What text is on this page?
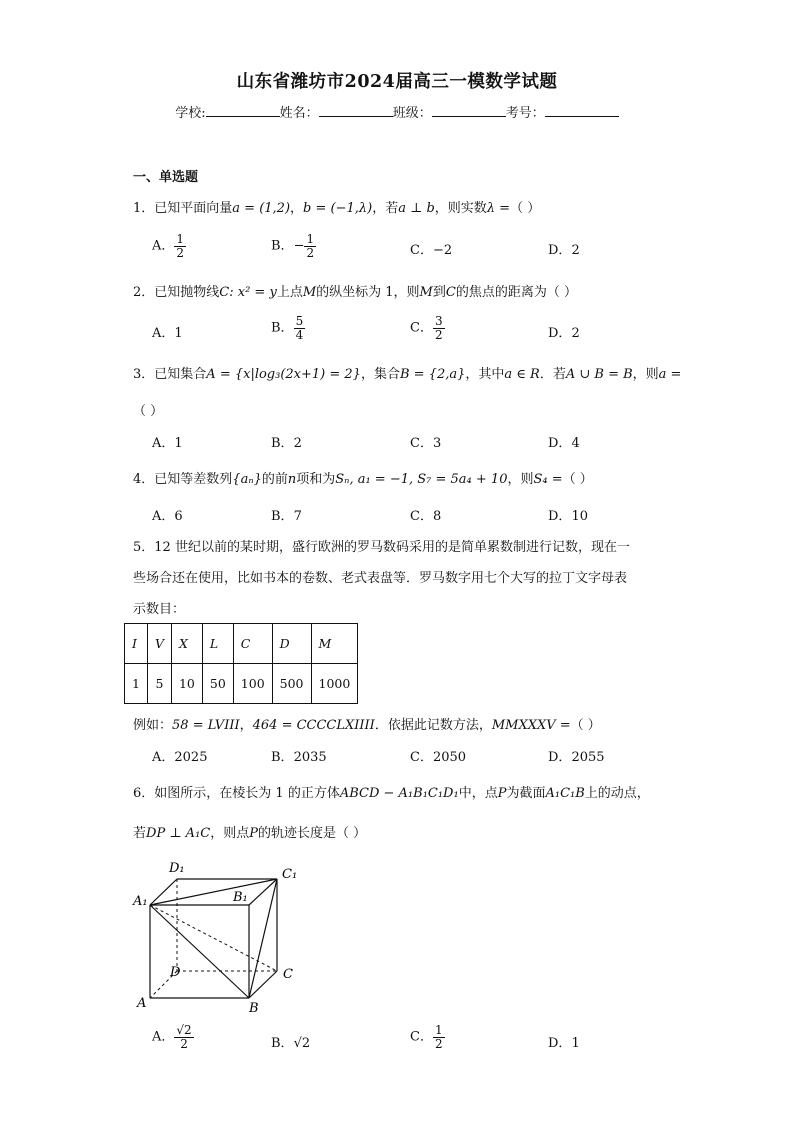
山东省潍坊市2024届高三一模数学试题
学校:	姓名：	班级：	考号：
一、单选题
1．已知平面向量a = (1,2)，b = (−1,λ)，若a ⊥ b，则实数λ =（ ）
A． $\frac{1}{2}$	B．− $\frac{1}{2}$	C．−2	D．2
2．已知抛物线C: x² = y上点M的纵坐标为 1，则M到C的焦点的距离为（ ）
A．1	B． $\frac{5}{4}$	C． $\frac{3}{2}$	D．2
3．已知集合A = {x|log₃(2x+1) = 2}，集合B = {2,a}，其中a ∈ R．若A ∪ B = B，则a =
（ ）
A．1	B．2	C．3	D．4
4．已知等差数列{aₙ}的前n项和为Sₙ, a₁ = −1, S₇ = 5a₄ + 10，则S₄ =（ ）
A．6	B．7	C．8	D．10
5．12 世纪以前的某时期，盛行欧洲的罗马数码采用的是简单累数制进行记数，现在一
些场合还在使用，比如书本的卷数、老式表盘等．罗马数字用七个大写的拉丁文字母表
示数目：
I	V	X	L	C	D	M
1	5	10	50	100	500	1000
例如：58 = LVIII，464 = CCCCLXIIII．依据此记数方法，MMXXXV =（ ）
A．2025	B．2035	C．2050	D．2055
6．如图所示，在棱长为 1 的正方体ABCD − A₁B₁C₁D₁中，点P为截面A₁C₁B上的动点，
若DP ⊥ A₁C，则点P的轨迹长度是（ ）
D₁	C₁
A₁	B₁
D	C
A	B
A． $\frac{√2}{2}$	B．√2	C． $\frac{1}{2}$	D．1
